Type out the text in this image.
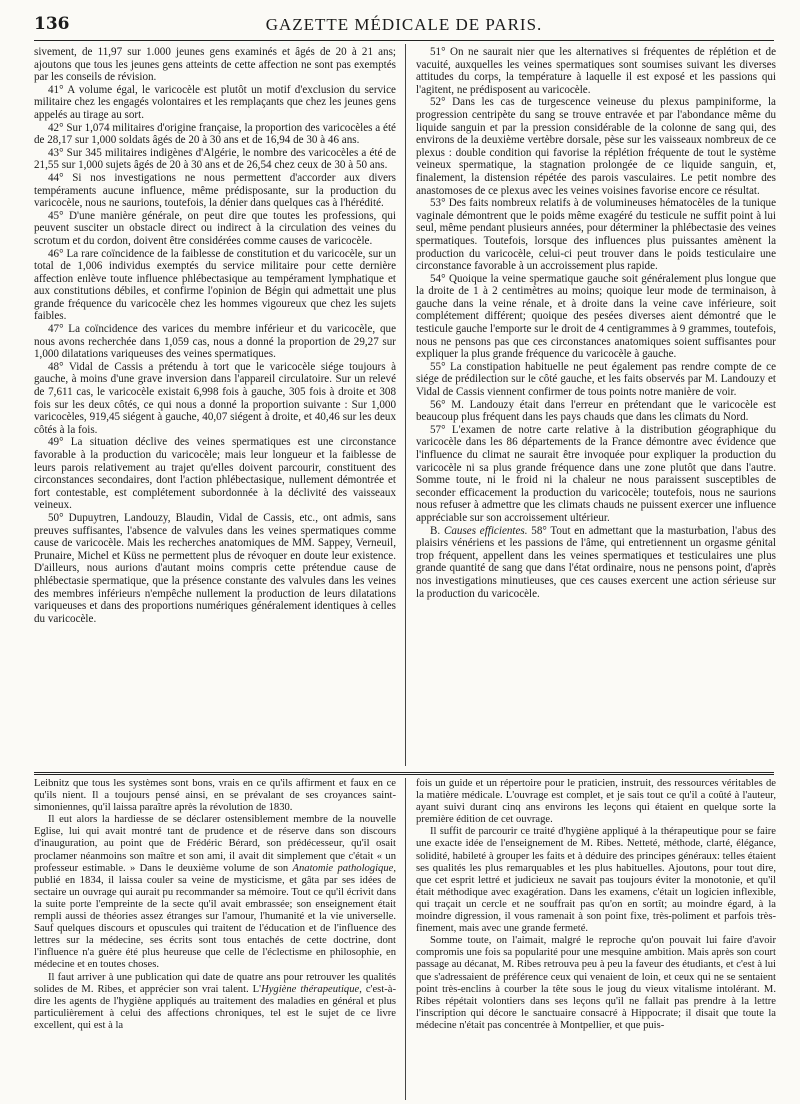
136	GAZETTE MÉDICALE DE PARIS.

sivement, de 11,97 sur 1.000 jeunes gens examinés et âgés de 20 à 21 ans; ajoutons que tous les jeunes gens atteints de cette affection ne sont pas exemptés par les conseils de révision.

41° A volume égal, le varicocèle est plutôt un motif d'exclusion du service militaire chez les engagés volontaires et les remplaçants que chez les jeunes gens appelés au tirage au sort.

42° Sur 1,074 militaires d'origine française, la proportion des varicocèles a été de 28,17 sur 1,000 soldats âgés de 20 à 30 ans et de 16,94 de 30 à 46 ans.

43° Sur 345 militaires indigènes d'Algérie, le nombre des varicocèles a été de 21,55 sur 1,000 sujets âgés de 20 à 30 ans et de 26,54 chez ceux de 30 à 50 ans.

44° Si nos investigations ne nous permettent d'accorder aux divers tempéraments aucune influence, même prédisposante, sur la production du varicocèle, nous ne saurions, toutefois, la dénier dans quelques cas à l'hérédité.

45° D'une manière générale, on peut dire que toutes les professions, qui peuvent susciter un obstacle direct ou indirect à la circulation des veines du scrotum et du cordon, doivent être considérées comme causes de varicocèle.

46° La rare coïncidence de la faiblesse de constitution et du varicocèle, sur un total de 1,006 individus exemptés du service militaire pour cette dernière affection enlève toute influence phlébectasique au tempérament lymphatique et aux constitutions débiles, et confirme l'opinion de Bégin qui admettait une plus grande fréquence du varicocèle chez les hommes vigoureux que chez les sujets faibles.

47° La coïncidence des varices du membre inférieur et du varicocèle, que nous avons recherchée dans 1,059 cas, nous a donné la proportion de 29,27 sur 1,000 dilatations variqueuses des veines spermatiques.

48° Vidal de Cassis a prétendu à tort que le varicocèle siége toujours à gauche, à moins d'une grave inversion dans l'appareil circulatoire. Sur un relevé de 7,611 cas, le varicocèle existait 6,998 fois à gauche, 305 fois à droite et 308 fois sur les deux côtés, ce qui nous a donné la proportion suivante : Sur 1,000 varicocèles, 919,45 siégent à gauche, 40,07 siégent à droite, et 40,46 sur les deux côtés à la fois.

49° La situation déclive des veines spermatiques est une circonstance favorable à la production du varicocèle; mais leur longueur et la faiblesse de leurs parois relativement au trajet qu'elles doivent parcourir, constituent des circonstances secondaires, dont l'action phlébectasique, nullement démontrée et fort contestable, est complétement subordonnée à la déclivité des vaisseaux veineux.

50° Dupuytren, Landouzy, Blaudin, Vidal de Cassis, etc., ont admis, sans preuves suffisantes, l'absence de valvules dans les veines spermatiques comme cause de varicocèle. Mais les recherches anatomiques de MM. Sappey, Verneuil, Prunaire, Michel et Küss ne permettent plus de révoquer en doute leur existence. D'ailleurs, nous aurions d'autant moins compris cette prétendue cause de phlébectasie spermatique, que la présence constante des valvules dans les veines des membres inférieurs n'empêche nullement la production de leurs dilatations variqueuses et dans des proportions numériques généralement identiques à celles du varicocèle.

51° On ne saurait nier que les alternatives si fréquentes de réplétion et de vacuité, auxquelles les veines spermatiques sont soumises suivant les diverses attitudes du corps, la température à laquelle il est exposé et les passions qui l'agitent, ne prédisposent au varicocèle.

52° Dans les cas de turgescence veineuse du plexus pampiniforme, la progression centripète du sang se trouve entravée et par l'abondance même du liquide sanguin et par la pression considérable de la colonne de sang qui, des environs de la deuxième vertèbre dorsale, pèse sur les vaisseaux nombreux de ce plexus : double condition qui favorise la réplétion fréquente de tout le système veineux spermatique, la stagnation prolongée de ce liquide sanguin, et, finalement, la distension répétée des parois vasculaires. Le petit nombre des anastomoses de ce plexus avec les veines voisines favorise encore ce résultat.

53° Des faits nombreux relatifs à de volumineuses hématocèles de la tunique vaginale démontrent que le poids même exagéré du testicule ne suffit point à lui seul, même pendant plusieurs années, pour déterminer la phlébectasie des veines spermatiques. Toutefois, lorsque des influences plus puissantes amènent la production du varicocèle, celui-ci peut trouver dans le poids testiculaire une circonstance favorable à un accroissement plus rapide.

54° Quoique la veine spermatique gauche soit généralement plus longue que la droite de 1 à 2 centimètres au moins; quoique leur mode de terminaison, à gauche dans la veine rénale, et à droite dans la veine cave inférieure, soit complétement différent; quoique des pesées diverses aient démontré que le testicule gauche l'emporte sur le droit de 4 centigrammes à 9 grammes, toutefois, nous ne pensons pas que ces circonstances anatomiques soient suffisantes pour expliquer la plus grande fréquence du varicocèle à gauche.

55° La constipation habituelle ne peut également pas rendre compte de ce siége de prédilection sur le côté gauche, et les faits observés par M. Landouzy et Vidal de Cassis viennent confirmer de tous points notre manière de voir.

56° M. Landouzy était dans l'erreur en prétendant que le varicocèle est beaucoup plus fréquent dans les pays chauds que dans les climats du Nord.

57° L'examen de notre carte relative à la distribution géographique du varicocèle dans les 86 départements de la France démontre avec évidence que l'influence du climat ne saurait être invoquée pour expliquer la production du varicocèle ni sa plus grande fréquence dans une zone plutôt que dans l'autre. Somme toute, ni le froid ni la chaleur ne nous paraissent susceptibles de seconder efficacement la production du varicocèle; toutefois, nous ne saurions nous refuser à admettre que les climats chauds ne puissent exercer une influence appréciable sur son accroissement ultérieur.

B. Causes efficientes. 58° Tout en admettant que la masturbation, l'abus des plaisirs vénériens et les passions de l'âme, qui entretiennent un orgasme génital trop fréquent, appellent dans les veines spermatiques et testiculaires une plus grande quantité de sang que dans l'état ordinaire, nous ne pensons point, d'après nos investigations minutieuses, que ces causes exercent une action sérieuse sur la production du varicocèle.

Leibnitz que tous les systèmes sont bons, vrais en ce qu'ils affirment et faux en ce qu'ils nient. Il a toujours pensé ainsi, en se prévalant de ses croyances saint-simoniennes, qu'il laissa paraître après la révolution de 1830.

Il eut alors la hardiesse de se déclarer ostensiblement membre de la nouvelle Eglise, lui qui avait montré tant de prudence et de réserve dans son discours d'inauguration, au point que de Frédéric Bérard, son prédécesseur, qu'il osait proclamer néanmoins son maître et son ami, il avait dit simplement que c'était « un professeur estimable. » Dans le deuxième volume de son Anatomie pathologique, publié en 1834, il laissa couler sa veine de mysticisme, et gâta par ses idées de sectaire un ouvrage qui aurait pu recommander sa mémoire. Tout ce qu'il écrivit dans la suite porte l'empreinte de la secte qu'il avait embrassée; son enseignement était rempli aussi de théories assez étranges sur l'amour, l'humanité et la vie universelle. Sauf quelques discours et opuscules qui traitent de l'éducation et de l'influence des lettres sur la médecine, ses écrits sont tous entachés de cette doctrine, dont l'influence n'a guère été plus heureuse que celle de l'éclectisme en philosophie, en médecine et en toutes choses.

Il faut arriver à une publication qui date de quatre ans pour retrouver les qualités solides de M. Ribes, et apprécier son vrai talent. L'Hygiène thérapeutique, c'est-à-dire les agents de l'hygiène appliqués au traitement des maladies en général et plus particulièrement à celui des affections chroniques, tel est le sujet de ce livre excellent, qui est à la

fois un guide et un répertoire pour le praticien, instruit, des ressources véritables de la matière médicale. L'ouvrage est complet, et je sais tout ce qu'il a coûté à l'auteur, ayant suivi durant cinq ans environs les leçons qui étaient en quelque sorte la première édition de cet ouvrage.

Il suffit de parcourir ce traité d'hygiène appliqué à la thérapeutique pour se faire une exacte idée de l'enseignement de M. Ribes. Netteté, méthode, clarté, élégance, solidité, habileté à grouper les faits et à déduire des principes généraux: telles étaient ses qualités les plus remarquables et les plus habituelles. Ajoutons, pour tout dire, que cet esprit lettré et judicieux ne savait pas toujours éviter la monotonie, et qu'il était méthodique avec exagération. Dans les examens, c'était un logicien inflexible, qui traçait un cercle et ne souffrait pas qu'on en sortît; au moindre égard, à la moindre digression, il vous ramenait à son point fixe, très-poliment et parfois très-finement, mais avec une grande fermeté.

Somme toute, on l'aimait, malgré le reproche qu'on pouvait lui faire d'avoir compromis une fois sa popularité pour une mesquine ambition. Mais après son court passage au décanat, M. Ribes retrouva peu à peu la faveur des étudiants, et c'est à lui que s'adressaient de préférence ceux qui venaient de loin, et ceux qui ne se sentaient point très-enclins à courber la tête sous le joug du vieux vitalisme intolérant. M. Ribes répétait volontiers dans ses leçons qu'il ne fallait pas prendre à la lettre l'inscription qui décore le sanctuaire consacré à Hippocrate; il disait que toute la médecine n'était pas concentrée à Montpellier, et que puis-
